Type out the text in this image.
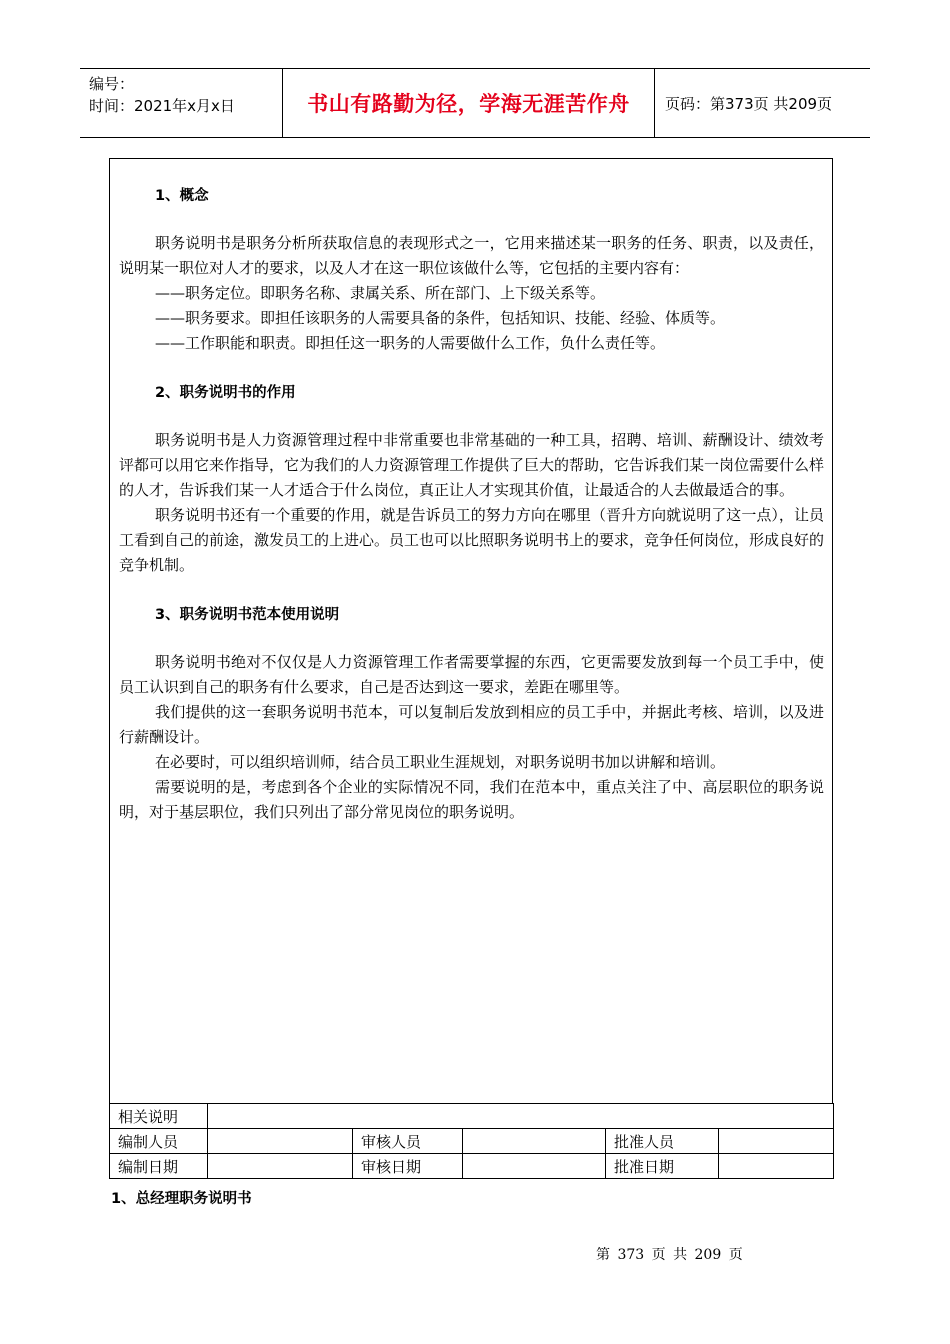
编号：
时间：2021年x月x日	书山有路勤为径，学海无涯苦作舟 页码：第373页 共209页
1、概念

职务说明书是职务分析所获取信息的表现形式之一，它用来描述某一职务的任务、职责，以及责任，说明某一职位对人才的要求，以及人才在这一职位该做什么等，它包括的主要内容有：

——职务定位。即职务名称、隶属关系、所在部门、上下级关系等。

——职务要求。即担任该职务的人需要具备的条件，包括知识、技能、经验、体质等。

——工作职能和职责。即担任这一职务的人需要做什么工作，负什么责任等。

2、职务说明书的作用

职务说明书是人力资源管理过程中非常重要也非常基础的一种工具，招聘、培训、薪酬设计、绩效考评都可以用它来作指导，它为我们的人力资源管理工作提供了巨大的帮助，它告诉我们某一岗位需要什么样的人才，告诉我们某一人才适合于什么岗位，真正让人才实现其价值，让最适合的人去做最适合的事。

职务说明书还有一个重要的作用，就是告诉员工的努力方向在哪里（晋升方向就说明了这一点），让员工看到自己的前途，激发员工的上进心。员工也可以比照职务说明书上的要求，竞争任何岗位，形成良好的竞争机制。

3、职务说明书范本使用说明

职务说明书绝对不仅仅是人力资源管理工作者需要掌握的东西，它更需要发放到每一个员工手中，使员工认识到自己的职务有什么要求，自己是否达到这一要求，差距在哪里等。

我们提供的这一套职务说明书范本，可以复制后发放到相应的员工手中，并据此考核、培训，以及进行薪酬设计。

在必要时，可以组织培训师，结合员工职业生涯规划，对职务说明书加以讲解和培训。

需要说明的是，考虑到各个企业的实际情况不同，我们在范本中，重点关注了中、高层职位的职务说明，对于基层职位，我们只列出了部分常见岗位的职务说明。

相关说明					
编制人员		审核人员		批准人员	
编制日期		审核日期		批准日期	
1、总经理职务说明书
第 373 页 共 209 页
